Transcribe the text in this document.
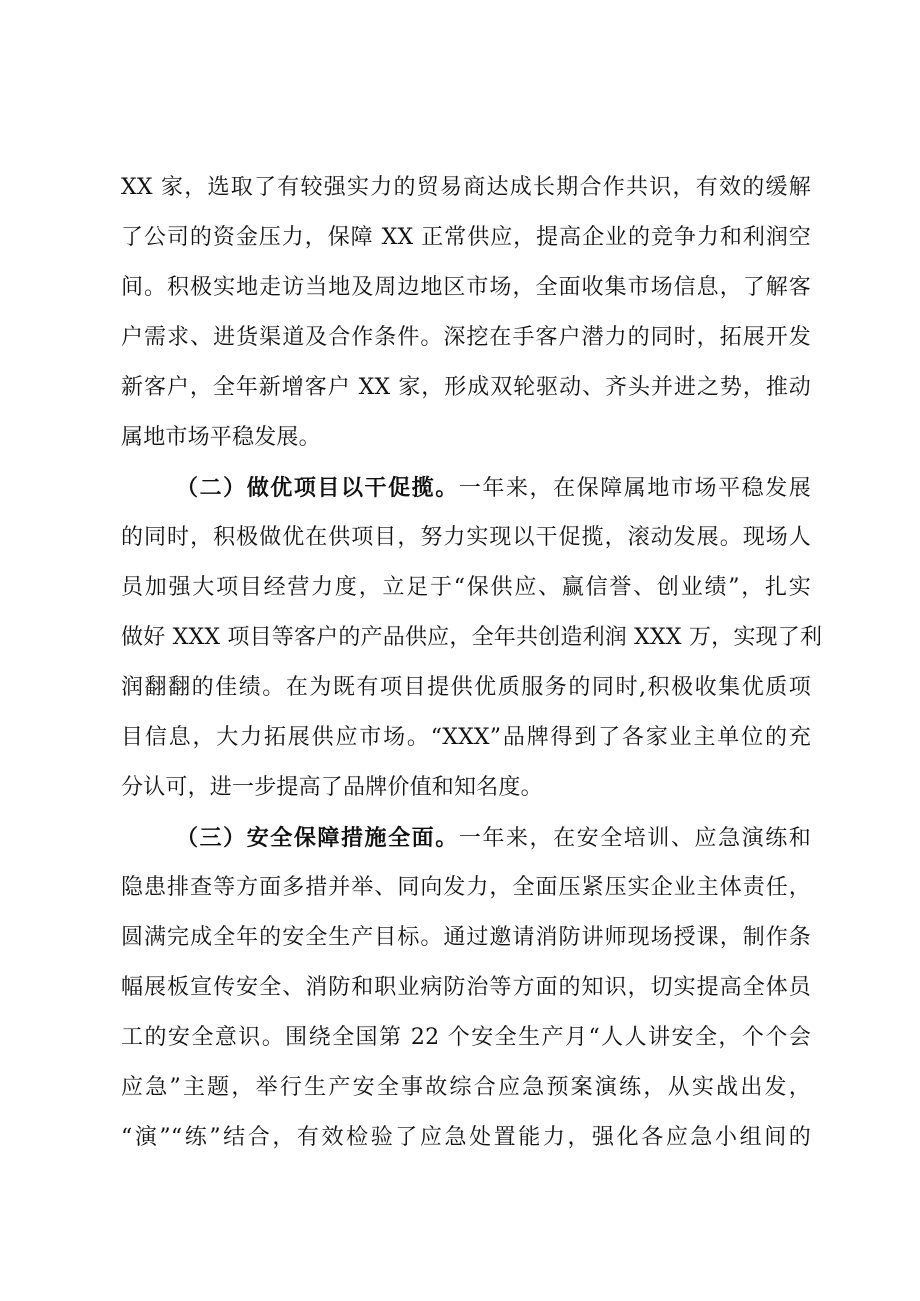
XX 家，选取了有较强实力的贸易商达成长期合作共识，有效的缓解
了公司的资金压力，保障 XX 正常供应，提高企业的竞争力和利润空
间。积极实地走访当地及周边地区市场，全面收集市场信息，了解客
户需求、进货渠道及合作条件。深挖在手客户潜力的同时，拓展开发
新客户，全年新增客户 XX 家，形成双轮驱动、齐头并进之势，推动
属地市场平稳发展。
（二）做优项目以干促揽。一年来，在保障属地市场平稳发展
的同时，积极做优在供项目，努力实现以干促揽，滚动发展。现场人
员加强大项目经营力度，立足于“保供应、赢信誉、创业绩”，扎实
做好 XXX 项目等客户的产品供应，全年共创造利润 XXX 万，实现了利
润翻翻的佳绩。在为既有项目提供优质服务的同时,积极收集优质项
目信息，大力拓展供应市场。“XXX”品牌得到了各家业主单位的充
分认可，进一步提高了品牌价值和知名度。
（三）安全保障措施全面。一年来，在安全培训、应急演练和
隐患排查等方面多措并举、同向发力，全面压紧压实企业主体责任，
圆满完成全年的安全生产目标。通过邀请消防讲师现场授课，制作条
幅展板宣传安全、消防和职业病防治等方面的知识，切实提高全体员
工的安全意识。围绕全国第 22 个安全生产月“人人讲安全，个个会
应急”主题，举行生产安全事故综合应急预案演练，从实战出发，
“演”“练”结合，有效检验了应急处置能力，强化各应急小组间的
